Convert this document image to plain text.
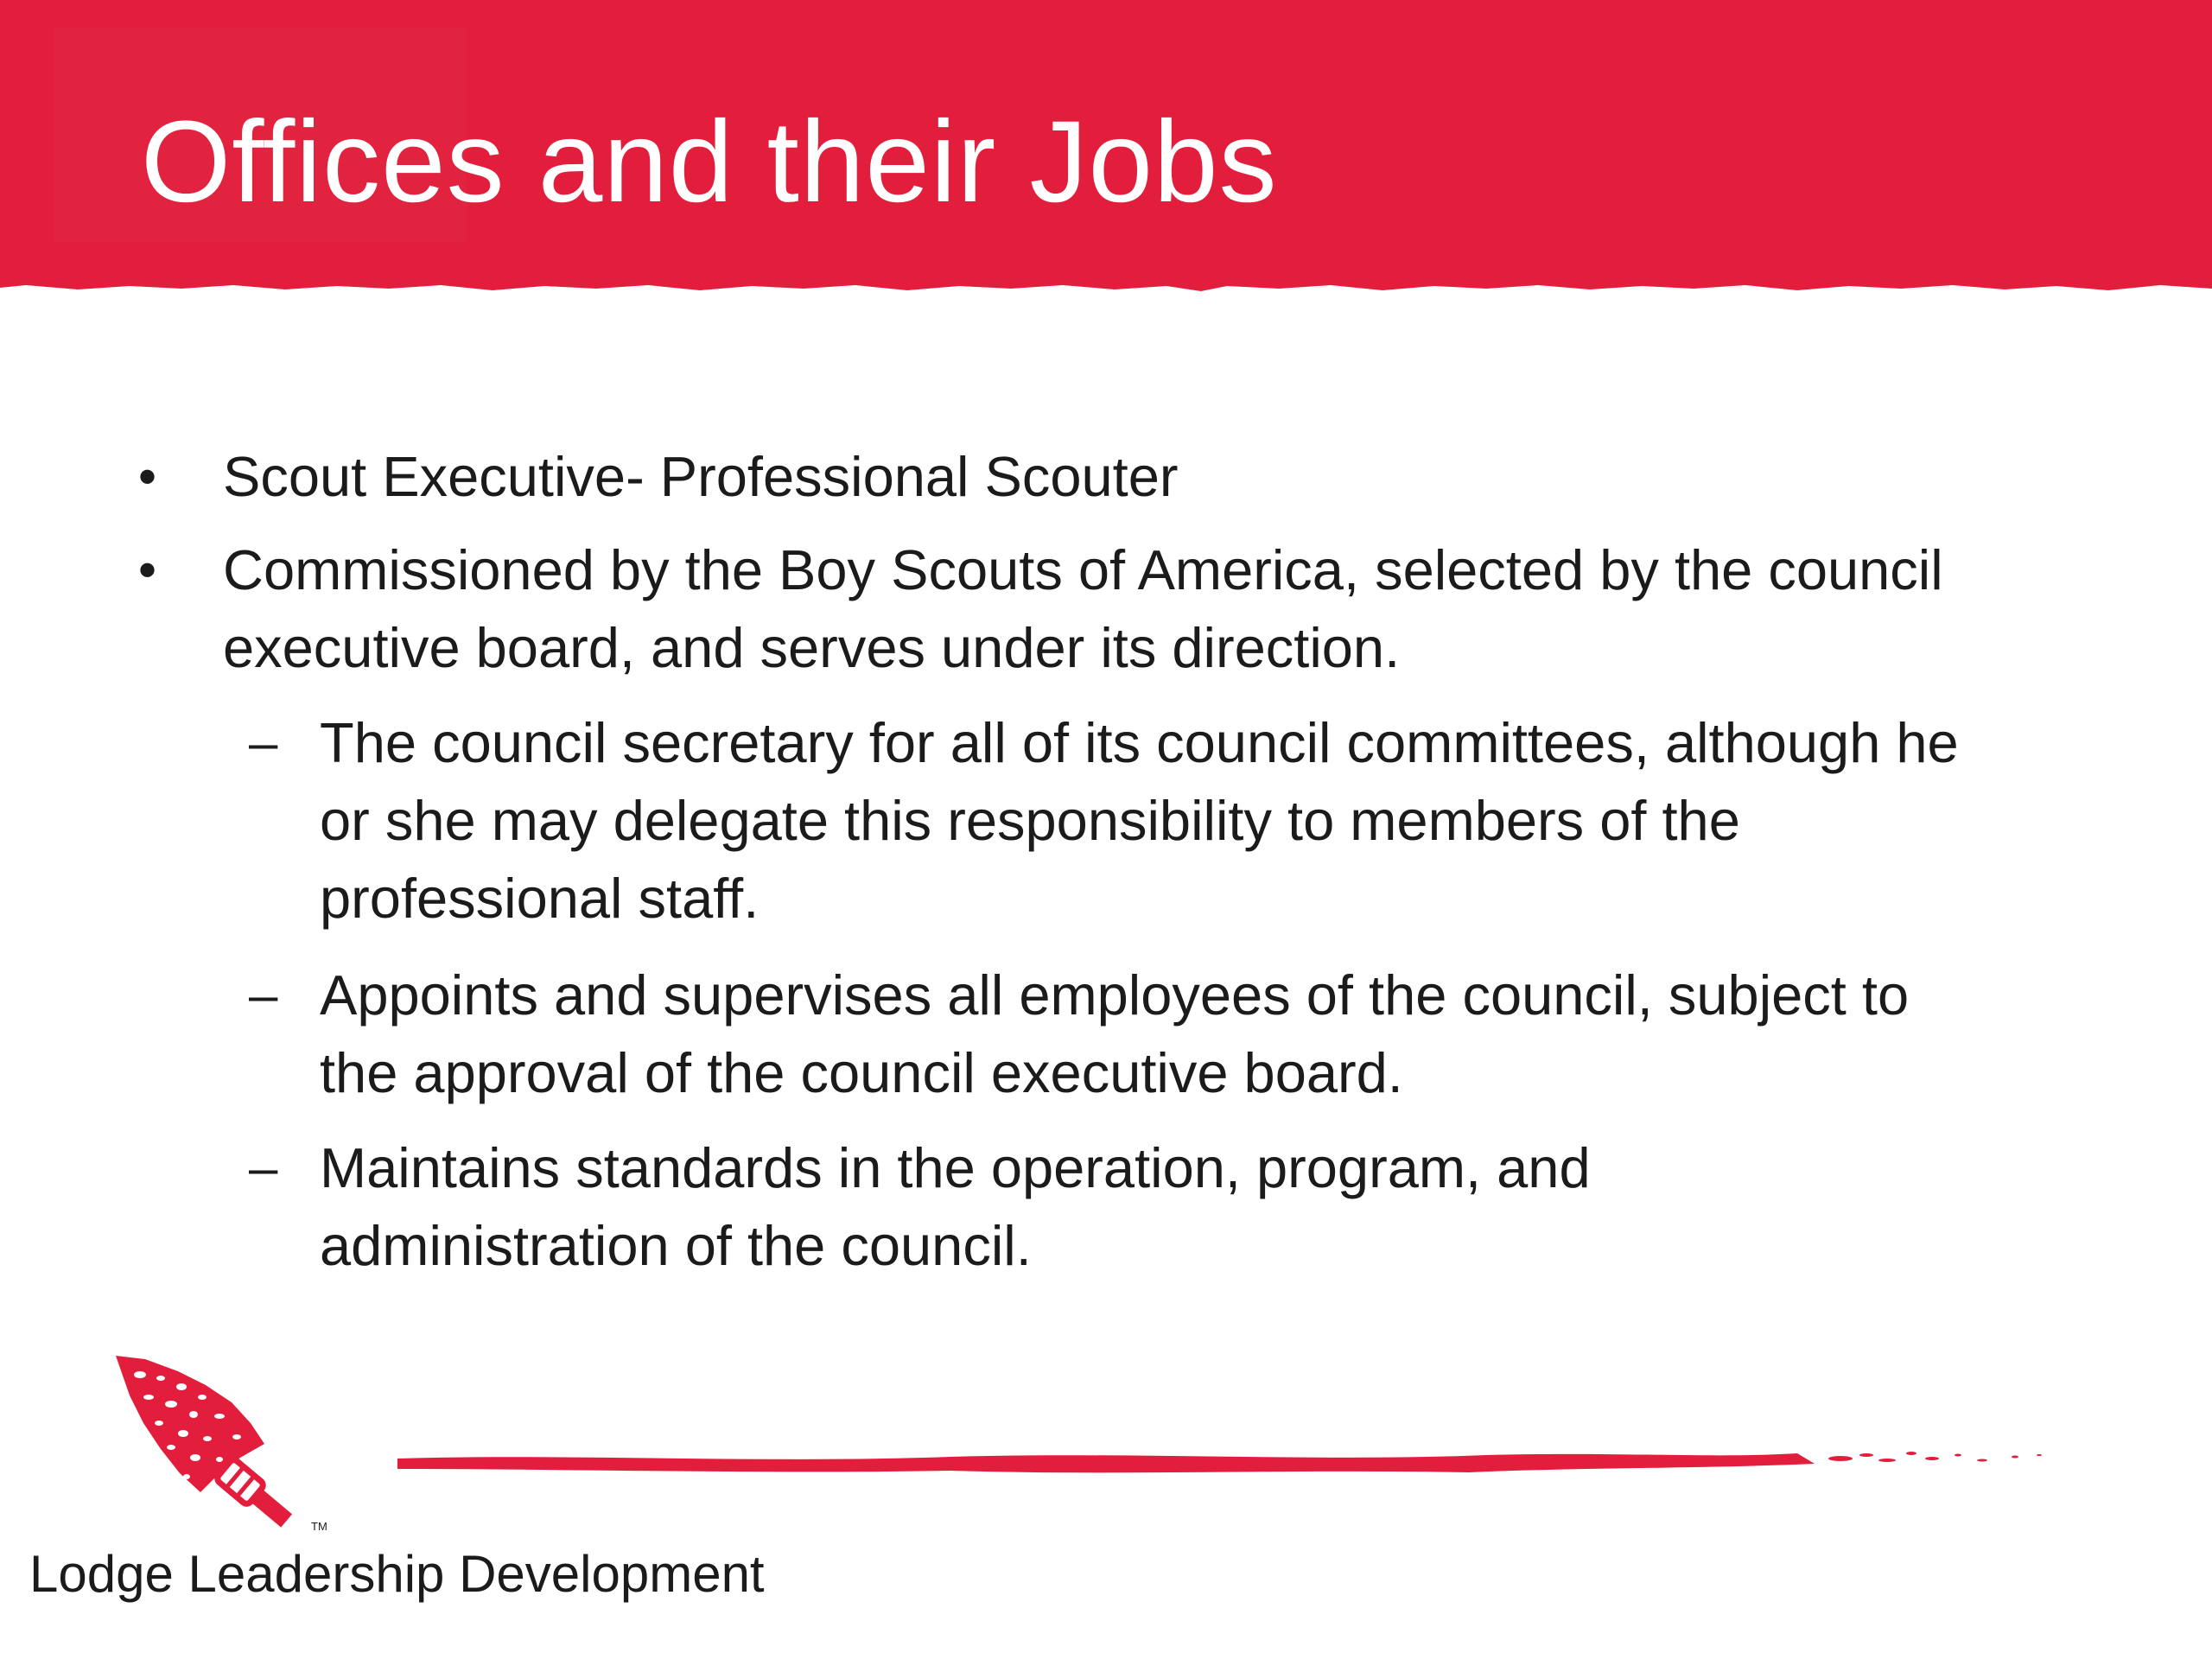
Offices and their Jobs
• Scout Executive- Professional Scouter
• Commissioned by the Boy Scouts of America, selected by the council
executive board, and serves under its direction.
– The council secretary for all of its council committees, although he
or she may delegate this responsibility to members of the
professional staff.
– Appoints and supervises all employees of the council, subject to
the approval of the council executive board.
– Maintains standards in the operation, program, and
administration of the council.
TM
Lodge Leadership Development
